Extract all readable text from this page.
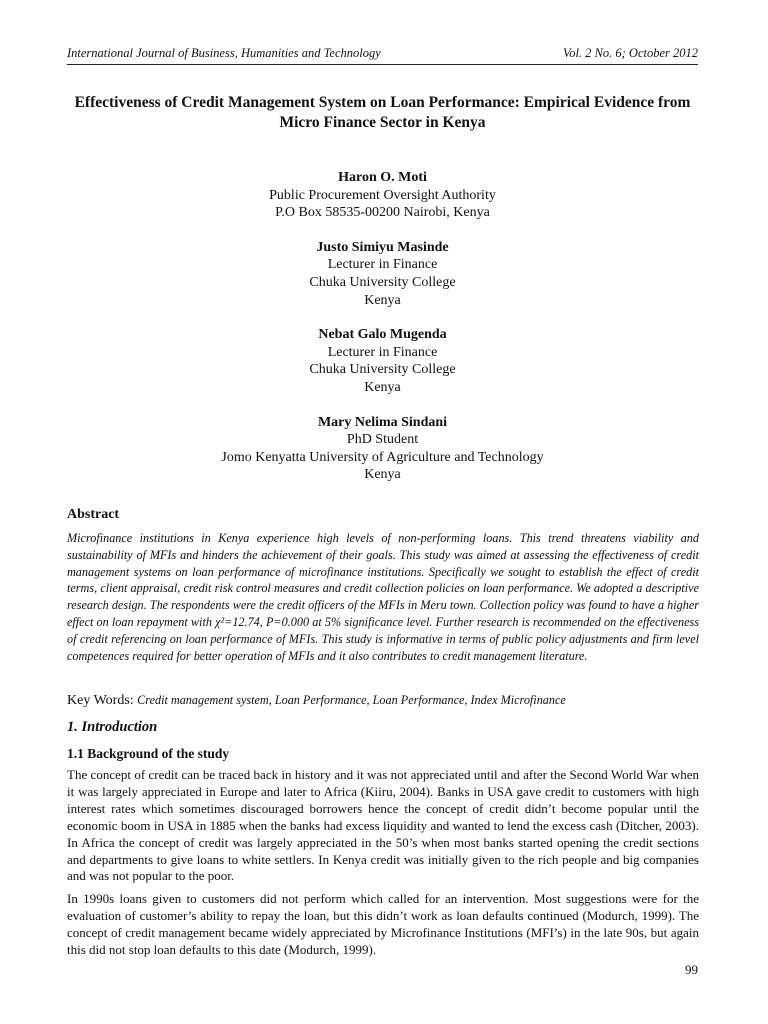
International Journal of Business, Humanities and Technology	Vol. 2 No. 6; October 2012
Effectiveness of Credit Management System on Loan Performance: Empirical Evidence from Micro Finance Sector in Kenya
Haron O. Moti
Public Procurement Oversight Authority
P.O Box 58535-00200 Nairobi, Kenya
Justo Simiyu Masinde
Lecturer in Finance
Chuka University College
Kenya
Nebat Galo Mugenda
Lecturer in Finance
Chuka University College
Kenya
Mary Nelima Sindani
PhD Student
Jomo Kenyatta University of Agriculture and Technology
Kenya
Abstract
Microfinance institutions in Kenya experience high levels of non-performing loans. This trend threatens viability and sustainability of MFIs and hinders the achievement of their goals. This study was aimed at assessing the effectiveness of credit management systems on loan performance of microfinance institutions. Specifically we sought to establish the effect of credit terms, client appraisal, credit risk control measures and credit collection policies on loan performance. We adopted a descriptive research design. The respondents were the credit officers of the MFIs in Meru town. Collection policy was found to have a higher effect on loan repayment with χ²=12.74, P=0.000 at 5% significance level. Further research is recommended on the effectiveness of credit referencing on loan performance of MFIs. This study is informative in terms of public policy adjustments and firm level competences required for better operation of MFIs and it also contributes to credit management literature.
Key Words: Credit management system, Loan Performance, Loan Performance, Index Microfinance
1. Introduction
1.1 Background of the study
The concept of credit can be traced back in history and it was not appreciated until and after the Second World War when it was largely appreciated in Europe and later to Africa (Kiiru, 2004). Banks in USA gave credit to customers with high interest rates which sometimes discouraged borrowers hence the concept of credit didn’t become popular until the economic boom in USA in 1885 when the banks had excess liquidity and wanted to lend the excess cash (Ditcher, 2003). In Africa the concept of credit was largely appreciated in the 50’s when most banks started opening the credit sections and departments to give loans to white settlers. In Kenya credit was initially given to the rich people and big companies and was not popular to the poor.
In 1990s loans given to customers did not perform which called for an intervention. Most suggestions were for the evaluation of customer’s ability to repay the loan, but this didn’t work as loan defaults continued (Modurch, 1999). The concept of credit management became widely appreciated by Microfinance Institutions (MFI’s) in the late 90s, but again this did not stop loan defaults to this date (Modurch, 1999).
99
